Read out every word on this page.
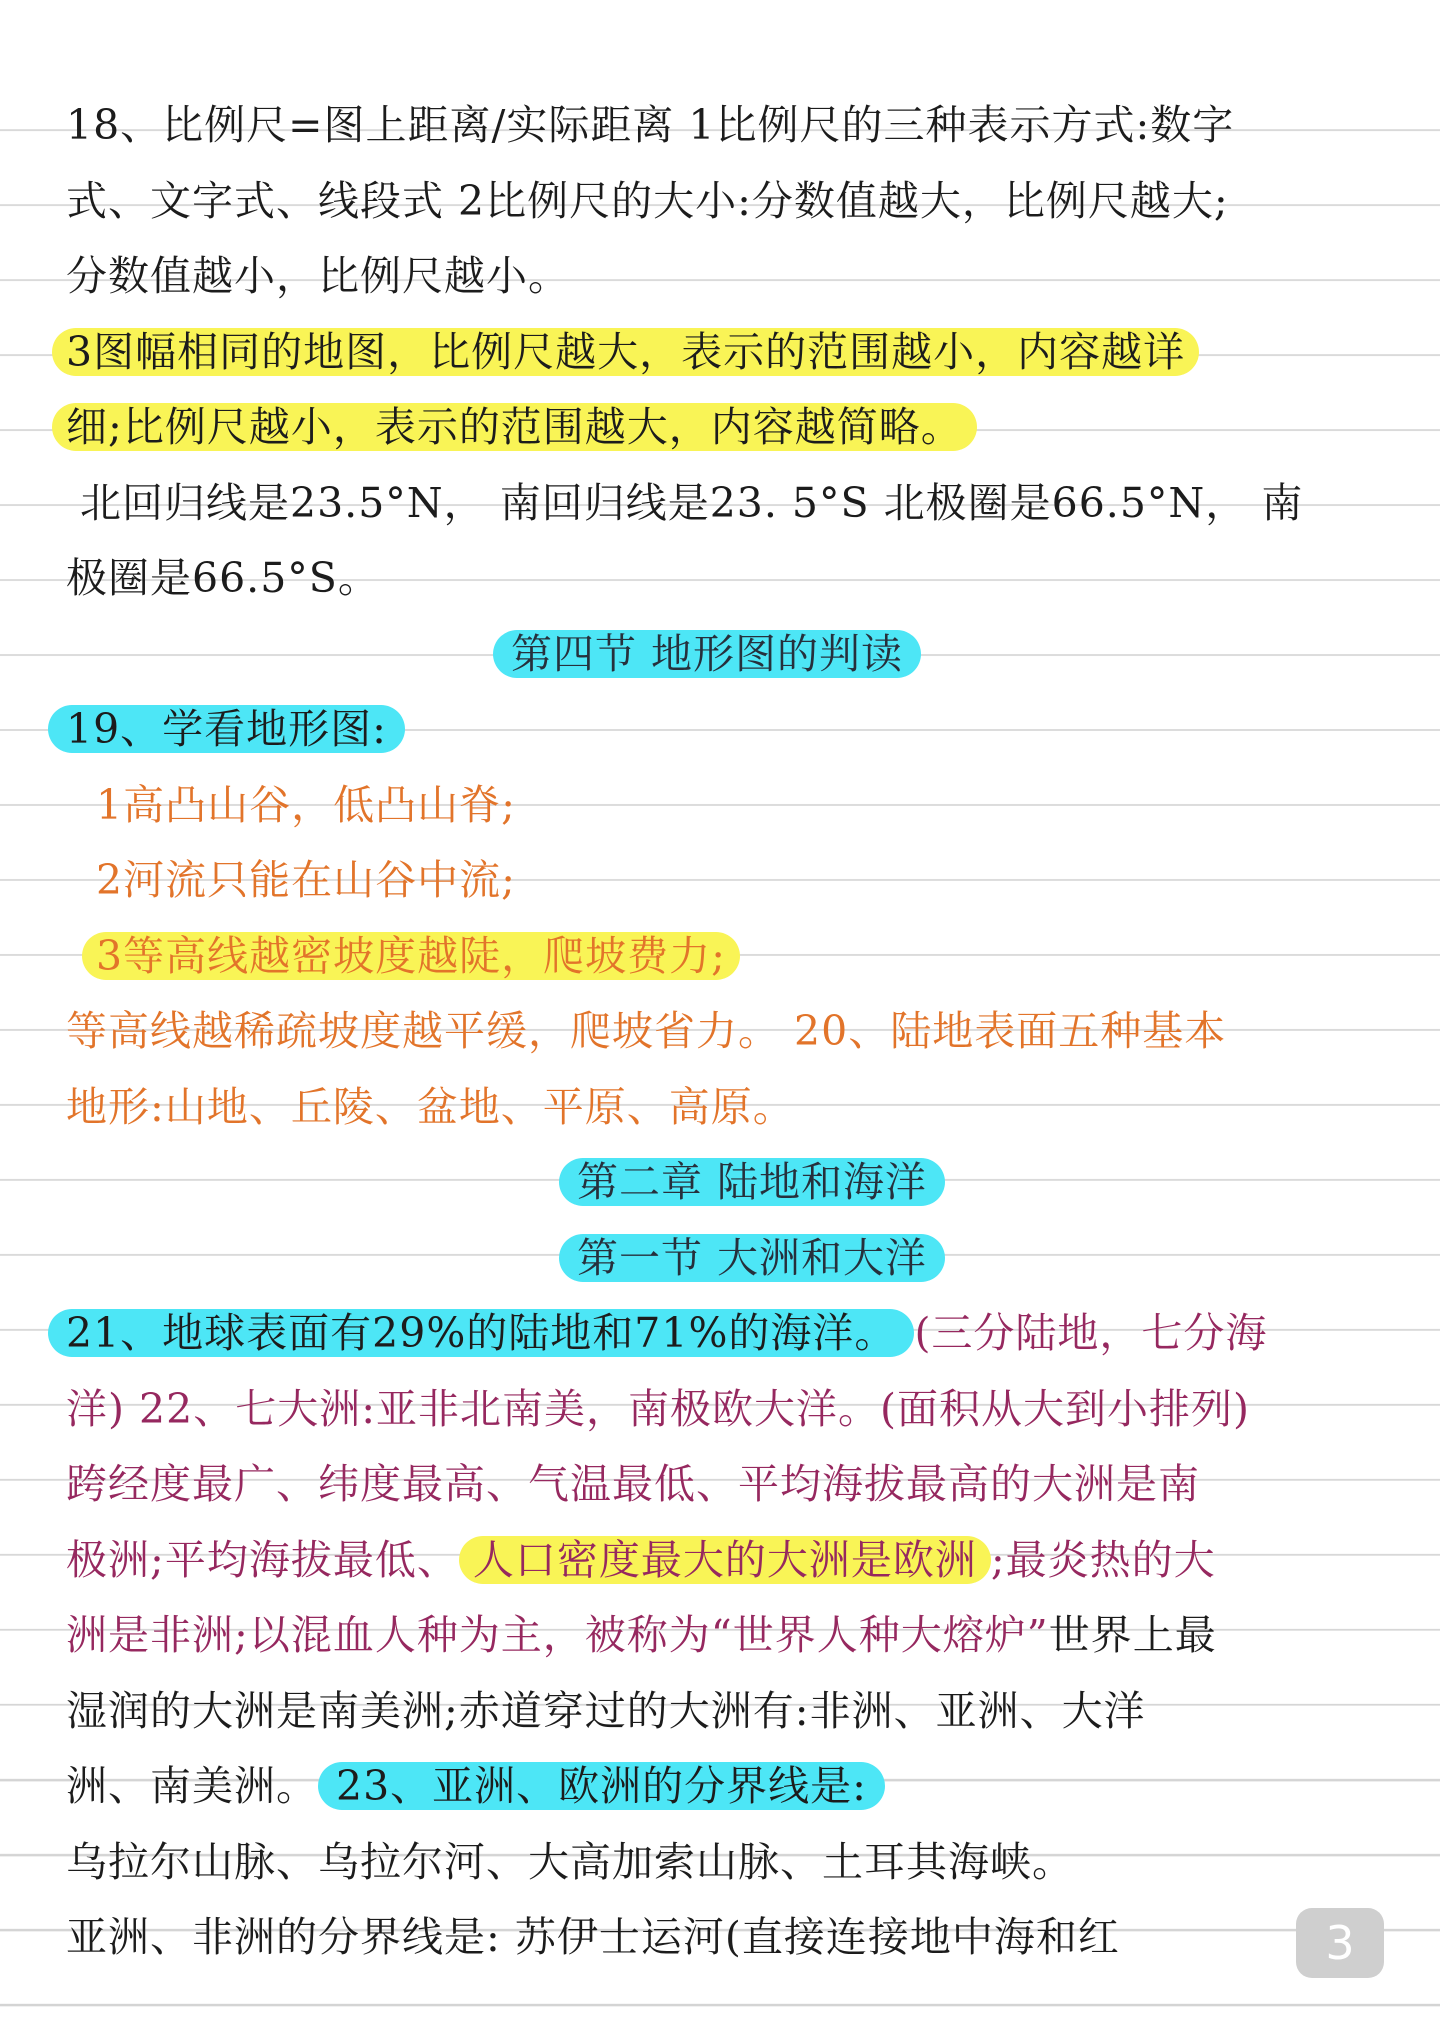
18、比例尺=图上距离/实际距离 1比例尺的三种表示方式:数字
式、文字式、线段式 2比例尺的大小:分数值越大，比例尺越大;
分数值越小，比例尺越小。
3图幅相同的地图，比例尺越大，表示的范围越小，内容越详
细;比例尺越小，表示的范围越大，内容越简略。
北回归线是23.5°N， 南回归线是23. 5°S 北极圈是66.5°N， 南
极圈是66.5°S。
第四节 地形图的判读
19、学看地形图:
1高凸山谷，低凸山脊;
2河流只能在山谷中流;
3等高线越密坡度越陡，爬坡费力;
等高线越稀疏坡度越平缓，爬坡省力。 20、陆地表面五种基本
地形:山地、丘陵、盆地、平原、高原。
第二章 陆地和海洋
第一节 大洲和大洋
21、地球表面有29%的陆地和71%的海洋。 (三分陆地，七分海
洋) 22、七大洲:亚非北南美，南极欧大洋。(面积从大到小排列)
跨经度最广、纬度最高、气温最低、平均海拔最高的大洲是南
极洲;平均海拔最低、 人口密度最大的大洲是欧洲 ;最炎热的大
洲是非洲;以混血人种为主，被称为“世界人种大熔炉”世界上最
湿润的大洲是南美洲;赤道穿过的大洲有:非洲、亚洲、大洋
洲、南美洲。 23、亚洲、欧洲的分界线是:
乌拉尔山脉、乌拉尔河、大高加索山脉、土耳其海峡。
亚洲、非洲的分界线是: 苏伊士运河(直接连接地中海和红	3
